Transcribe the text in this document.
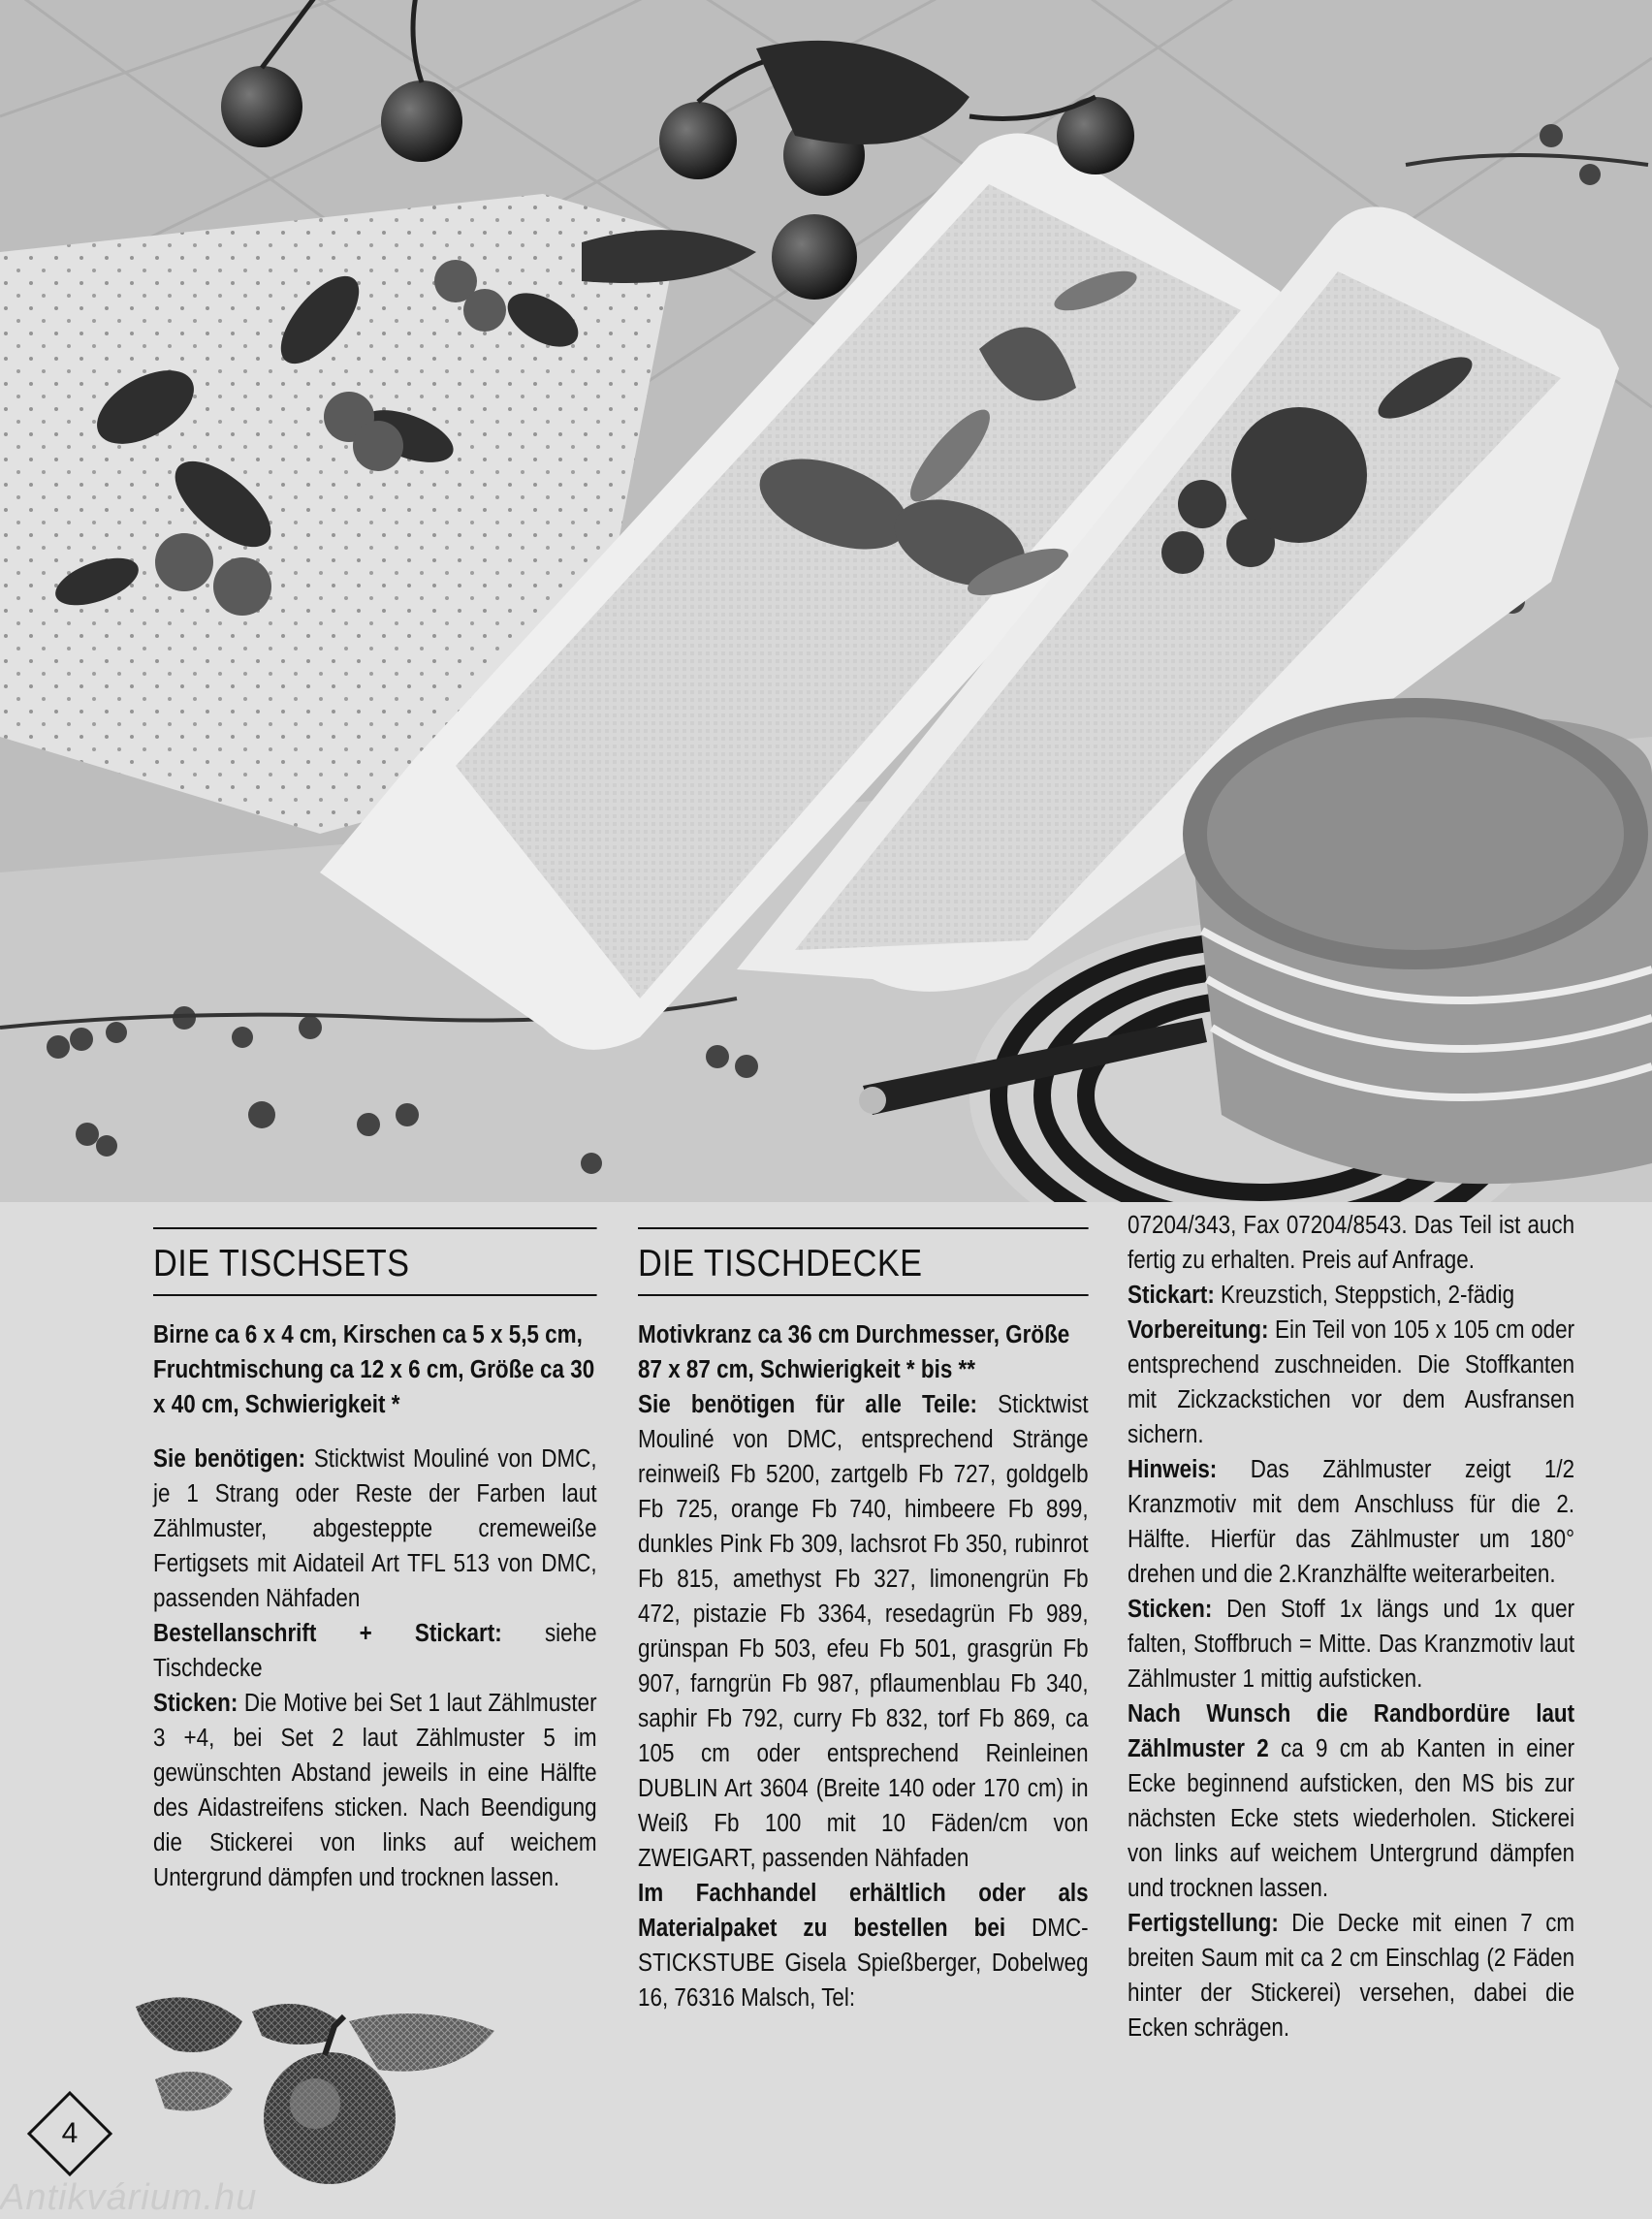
DIE TISCHSETS
Birne ca 6 x 4 cm, Kirschen ca 5 x 5,5 cm, Fruchtmischung ca 12 x 6 cm, Größe ca 30 x 40 cm, Schwierigkeit *

Sie benötigen: Sticktwist Mouliné von DMC, je 1 Strang oder Reste der Farben laut Zählmuster, abgesteppte cremeweiße Fertigsets mit Aidateil Art TFL 513 von DMC, passenden Nähfaden

Bestellanschrift + Stickart: siehe Tischdecke

Sticken: Die Motive bei Set 1 laut Zählmuster 3 +4, bei Set 2 laut Zählmuster 5 im gewünschten Abstand jeweils in eine Hälfte des Aidastreifens sticken. Nach Beendigung die Stickerei von links auf weichem Untergrund dämpfen und trocknen lassen.

DIE TISCHDECKE
Motivkranz ca 36 cm Durchmesser, Größe 87 x 87 cm, Schwierigkeit * bis **

Sie benötigen für alle Teile: Sticktwist Mouliné von DMC, entsprechend Stränge reinweiß Fb 5200, zartgelb Fb 727, goldgelb Fb 725, orange Fb 740, himbeere Fb 899, dunkles Pink Fb 309, lachsrot Fb 350, rubinrot Fb 815, amethyst Fb 327, limonengrün Fb 472, pistazie Fb 3364, resedagrün Fb 989, grünspan Fb 503, efeu Fb 501, grasgrün Fb 907, farngrün Fb 987, pflaumenblau Fb 340, saphir Fb 792, curry Fb 832, torf Fb 869, ca 105 cm oder entsprechend Reinleinen DUBLIN Art 3604 (Breite 140 oder 170 cm) in Weiß Fb 100 mit 10 Fäden/cm von ZWEIGART, passenden Nähfaden

Im Fachhandel erhältlich oder als Materialpaket zu bestellen bei DMC- STICKSTUBE Gisela Spießberger, Dobelweg 16, 76316 Malsch, Tel:

07204/343, Fax 07204/8543. Das Teil ist auch fertig zu erhalten. Preis auf Anfrage.

Stickart: Kreuzstich, Steppstich, 2-fädig

Vorbereitung: Ein Teil von 105 x 105 cm oder entsprechend zuschneiden. Die Stoffkanten mit Zickzackstichen vor dem Ausfransen sichern.

Hinweis: Das Zählmuster zeigt 1/2 Kranzmotiv mit dem Anschluss für die 2. Hälfte. Hierfür das Zählmuster um 180° drehen und die 2.Kranzhälfte weiterarbeiten.

Sticken: Den Stoff 1x längs und 1x quer falten, Stoffbruch = Mitte. Das Kranzmotiv laut Zählmuster 1 mittig aufsticken.

Nach Wunsch die Randbordüre laut Zählmuster 2 ca 9 cm ab Kanten in einer Ecke beginnend aufsticken, den MS bis zur nächsten Ecke stets wiederholen. Stickerei von links auf weichem Untergrund dämpfen und trocknen lassen.

Fertigstellung: Die Decke mit einen 7 cm breiten Saum mit ca 2 cm Einschlag (2 Fäden hinter der Stickerei) versehen, dabei die Ecken schrägen.

4
Antikvárium.hu
